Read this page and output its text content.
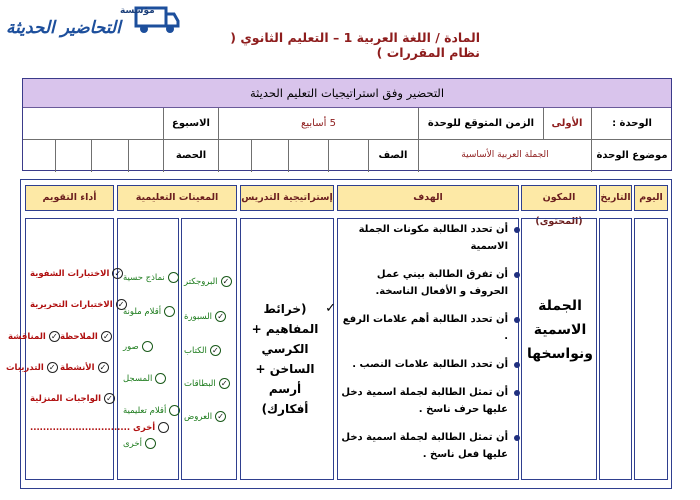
مؤسسة
التحاضير الحديثة	المادة / اللغة العربية 1 – التعليم الثانوي ( نظام المقررات )
التحضير وفق استراتيجيات التعليم الحديثة
الوحدة :
الأولى
الزمن المتوقع للوحدة
5 أسابيع
الاسبوع
موضوع الوحدة
الجملة العربية الأساسية
الصف
الحصة
اليوم
التاريخ
المكون (المحتوى)
الهدف
إستراتيجية التدريس
المعينات التعليمية
أداء التقويم
الجملة الاسمية ونواسخها
أن تحدد الطالبة مكونات الجملة الاسمية
أن تفرق الطالبة بيني عمل الحروف و الأفعال الناسخة.
أن تحدد الطالبة أهم علامات الرفع .
أن تحدد الطالبة علامات النصب .
أن تمثل الطالبة لجملة اسمية دخل عليها حرف ناسخ .
أن تمثل الطالبة لجملة اسمية دخل عليها فعل ناسخ .
✓
(خرائط المفاهيم + الكرسي الساخن + أرسم أفكارك)
✓البروجكتر
✓السبورة
✓الكتاب
✓البطاقات
✓العروض
نماذج حسية
أقلام ملونة
صور
المسجل
أقلام تعليمية
أخرى
✓الاختبارات الشفوية
✓الاختبارات التحريرية
✓الملاحظة
✓المناقشة
✓الأنشطة
✓التدريبات
✓الواجبات المنزلية
أخرى ...............................
